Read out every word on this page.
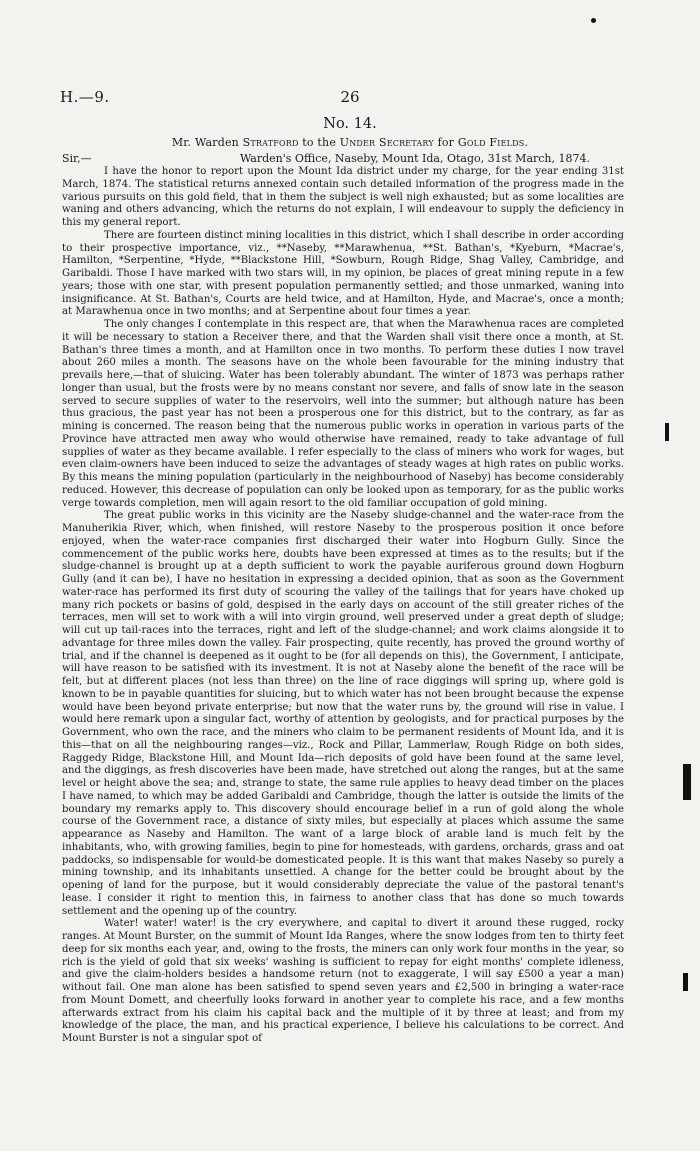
H.—9.	26
No. 14.
Mr. Warden Stratford to the Under Secretary for Gold Fields.
Sir,—	Warden's Office, Naseby, Mount Ida, Otago, 31st March, 1874.

I have the honor to report upon the Mount Ida district under my charge, for the year ending 31st March, 1874. The statistical returns annexed contain such detailed information of the progress made in the various pursuits on this gold field, that in them the subject is well nigh exhausted; but as some localities are waning and others advancing, which the returns do not explain, I will endeavour to supply the deficiency in this my general report.

There are fourteen distinct mining localities in this district, which I shall describe in order according to their prospective importance, viz., **Naseby, **Marawhenua, **St. Bathan's, *Kyeburn, *Macrae's, Hamilton, *Serpentine, *Hyde, **Blackstone Hill, *Sowburn, Rough Ridge, Shag Valley, Cambridge, and Garibaldi. Those I have marked with two stars will, in my opinion, be places of great mining repute in a few years; those with one star, with present population permanently settled; and those unmarked, waning into insignificance. At St. Bathan's, Courts are held twice, and at Hamilton, Hyde, and Macrae's, once a month; at Marawhenua once in two months; and at Serpentine about four times a year.

The only changes I contemplate in this respect are, that when the Marawhenua races are completed it will be necessary to station a Receiver there, and that the Warden shall visit there once a month, at St. Bathan's three times a month, and at Hamilton once in two months. To perform these duties I now travel about 260 miles a month. The seasons have on the whole been favourable for the mining industry that prevails here,—that of sluicing. Water has been tolerably abundant. The winter of 1873 was perhaps rather longer than usual, but the frosts were by no means constant nor severe, and falls of snow late in the season served to secure supplies of water to the reservoirs, well into the summer; but although nature has been thus gracious, the past year has not been a prosperous one for this district, but to the contrary, as far as mining is concerned. The reason being that the numerous public works in operation in various parts of the Province have attracted men away who would otherwise have remained, ready to take advantage of full supplies of water as they became available. I refer especially to the class of miners who work for wages, but even claim-owners have been induced to seize the advantages of steady wages at high rates on public works. By this means the mining population (particularly in the neighbourhood of Naseby) has become considerably reduced. However, this decrease of population can only be looked upon as temporary, for as the public works verge towards completion, men will again resort to the old familiar occupation of gold mining.

The great public works in this vicinity are the Naseby sludge-channel and the water-race from the Manuherikia River, which, when finished, will restore Naseby to the prosperous position it once before enjoyed, when the water-race companies first discharged their water into Hogburn Gully. Since the commencement of the public works here, doubts have been expressed at times as to the results; but if the sludge-channel is brought up at a depth sufficient to work the payable auriferous ground down Hogburn Gully (and it can be), I have no hesitation in expressing a decided opinion, that as soon as the Government water-race has performed its first duty of scouring the valley of the tailings that for years have choked up many rich pockets or basins of gold, despised in the early days on account of the still greater riches of the terraces, men will set to work with a will into virgin ground, well preserved under a great depth of sludge; will cut up tail-races into the terraces, right and left of the sludge-channel; and work claims alongside it to advantage for three miles down the valley. Fair prospecting, quite recently, has proved the ground worthy of trial, and if the channel is deepened as it ought to be (for all depends on this), the Government, I anticipate, will have reason to be satisfied with its investment. It is not at Naseby alone the benefit of the race will be felt, but at different places (not less than three) on the line of race diggings will spring up, where gold is known to be in payable quantities for sluicing, but to which water has not been brought because the expense would have been beyond private enterprise; but now that the water runs by, the ground will rise in value. I would here remark upon a singular fact, worthy of attention by geologists, and for practical purposes by the Government, who own the race, and the miners who claim to be permanent residents of Mount Ida, and it is this—that on all the neighbouring ranges—viz., Rock and Pillar, Lammerlaw, Rough Ridge on both sides, Raggedy Ridge, Blackstone Hill, and Mount Ida—rich deposits of gold have been found at the same level, and the diggings, as fresh discoveries have been made, have stretched out along the ranges, but at the same level or height above the sea; and, strange to state, the same rule applies to heavy dead timber on the places I have named, to which may be added Garibaldi and Cambridge, though the latter is outside the limits of the boundary my remarks apply to. This discovery should encourage belief in a run of gold along the whole course of the Government race, a distance of sixty miles, but especially at places which assume the same appearance as Naseby and Hamilton. The want of a large block of arable land is much felt by the inhabitants, who, with growing families, begin to pine for homesteads, with gardens, orchards, grass and oat paddocks, so indispensable for would-be domesticated people. It is this want that makes Naseby so purely a mining township, and its inhabitants unsettled. A change for the better could be brought about by the opening of land for the purpose, but it would considerably depreciate the value of the pastoral tenant's lease. I consider it right to mention this, in fairness to another class that has done so much towards settlement and the opening up of the country.

Water! water! water! is the cry everywhere, and capital to divert it around these rugged, rocky ranges. At Mount Burster, on the summit of Mount Ida Ranges, where the snow lodges from ten to thirty feet deep for six months each year, and, owing to the frosts, the miners can only work four months in the year, so rich is the yield of gold that six weeks' washing is sufficient to repay for eight months' complete idleness, and give the claim-holders besides a handsome return (not to exaggerate, I will say £500 a year a man) without fail. One man alone has been satisfied to spend seven years and £2,500 in bringing a water-race from Mount Domett, and cheerfully looks forward in another year to complete his race, and a few months afterwards extract from his claim his capital back and the multiple of it by three at least; and from my knowledge of the place, the man, and his practical experience, I believe his calculations to be correct. And Mount Burster is not a singular spot of
